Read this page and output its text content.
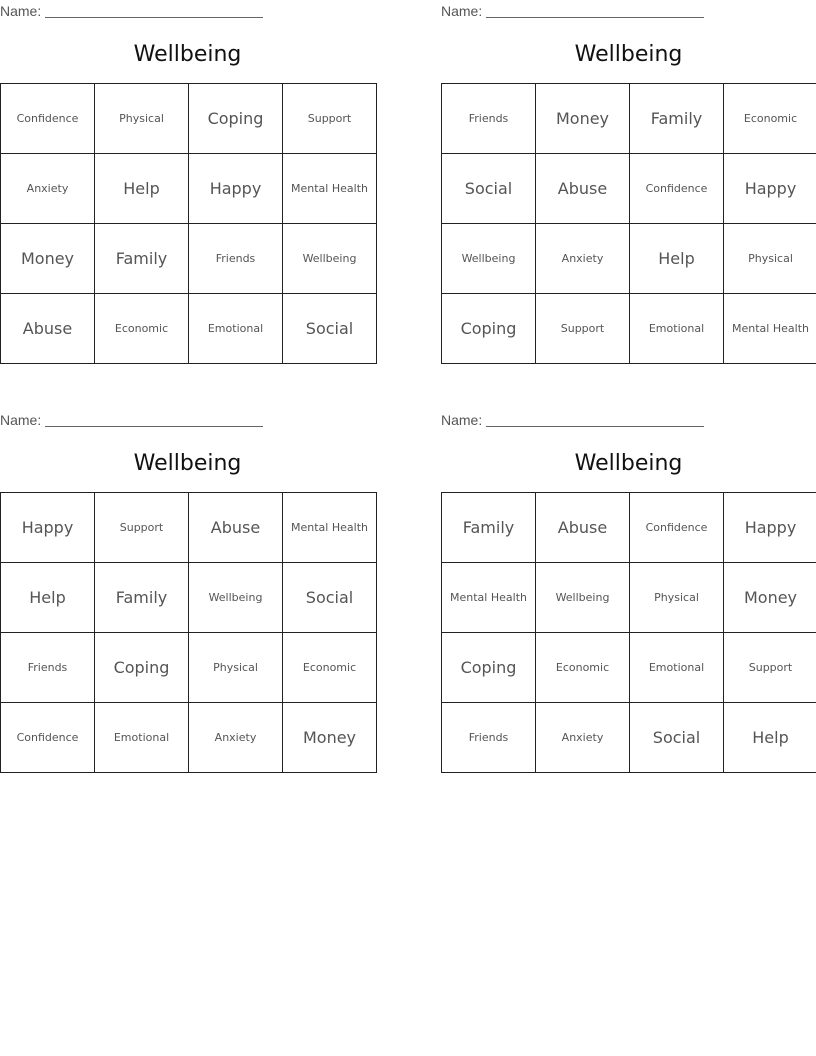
Name:
Wellbeing
Confidence	Physical	Coping	Support
Anxiety	Help	Happy	Mental Health
Money	Family	Friends	Wellbeing
Abuse	Economic	Emotional	Social
Name:
Wellbeing
Friends	Money	Family	Economic
Social	Abuse	Confidence	Happy
Wellbeing	Anxiety	Help	Physical
Coping	Support	Emotional	Mental Health
Name:
Wellbeing
Happy	Support	Abuse	Mental Health
Help	Family	Wellbeing	Social
Friends	Coping	Physical	Economic
Confidence	Emotional	Anxiety	Money
Name:
Wellbeing
Family	Abuse	Confidence	Happy
Mental Health	Wellbeing	Physical	Money
Coping	Economic	Emotional	Support
Friends	Anxiety	Social	Help
